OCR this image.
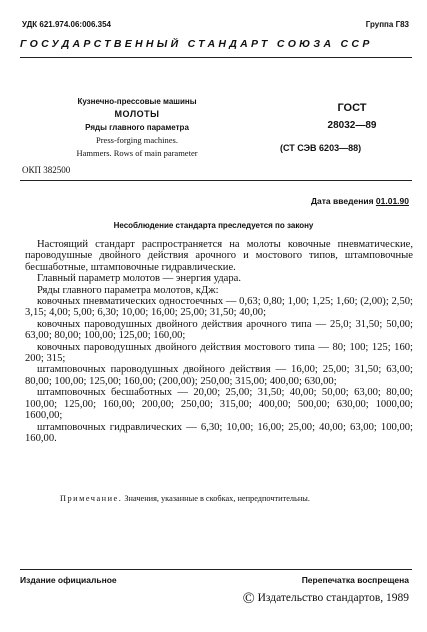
УДК 621.974.06:006.354	Группа Г83
ГОСУДАРСТВЕННЫЙ СТАНДАРТ СОЮЗА ССР
Кузнечно-прессовые машины
МОЛОТЫ
Ряды главного параметра
Press-forging machines.
Hammers. Rows of main parameter
ГОСТ
28032—89
(СТ СЭВ 6203—88)
ОКП 382500
Дата введения 01.01.90
Несоблюдение стандарта преследуется по закону

Настоящий стандарт распространяется на молоты ковочные пневматические, пароводушные двойного действия арочного и мостового типов, штамповочные бесшаботные, штамповочные гидравлические.

Главный параметр молотов — энергия удара.

Ряды главного параметра молотов, кДж:

ковочных пневматических одностоечных — 0,63; 0,80; 1,00; 1,25; 1,60; (2,00); 2,50; 3,15; 4,00; 5,00; 6,30; 10,00; 16,00; 25,00; 31,50; 40,00;

ковочных пароводушных двойного действия арочного типа — 25,0; 31,50; 50,00; 63,00; 80,00; 100,00; 125,00; 160,00;

ковочных пароводушных двойного действия мостового типа — 80; 100; 125; 160; 200; 315;

штамповочных пароводушных двойного действия — 16,00; 25,00; 31,50; 63,00; 80,00; 100,00; 125,00; 160,00; (200,00); 250,00; 315,00; 400,00; 630,00;

штамповочных бесшаботных — 20,00; 25,00; 31,50; 40,00; 50,00; 63,00; 80,00; 100,00; 125,00; 160,00; 200,00; 250,00; 315,00; 400,00; 500,00; 630,00; 1000,00; 1600,00;

штамповочных гидравлических — 6,30; 10,00; 16,00; 25,00; 40,00; 63,00; 100,00; 160,00.

Примечание. Значения, указанные в скобках, непредпочтительны.
Издание официальное	Перепечатка воспрещена
© Издательство стандартов, 1989
